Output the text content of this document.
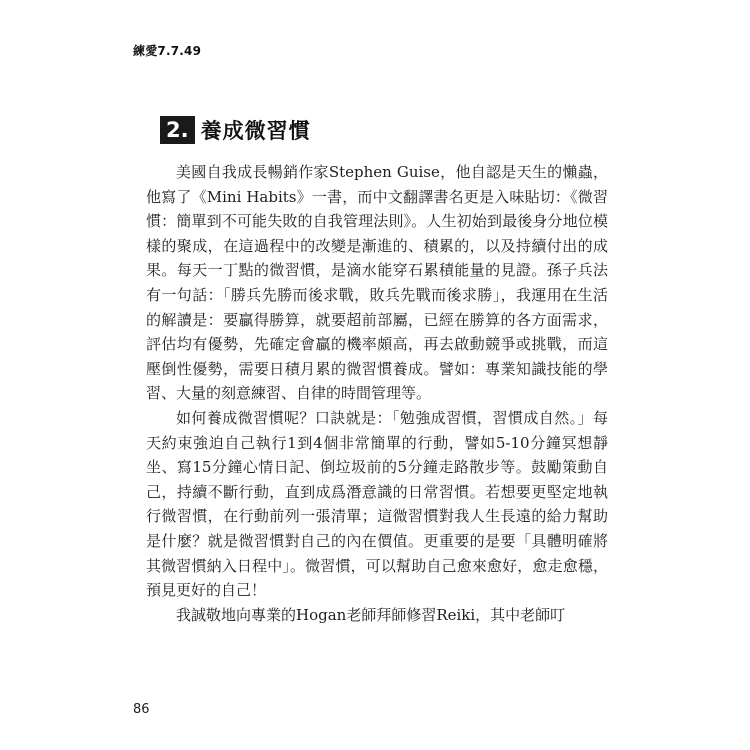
練愛7.7.49
2. 養成微習慣

美國自我成長暢銷作家Stephen Guise，他自認是天生的懶蟲，他寫了《Mini Habits》一書，而中文翻譯書名更是入味貼切：《微習慣：簡單到不可能失敗的自我管理法則》。人生初始到最後身分地位模樣的聚成，在這過程中的改變是漸進的、積累的，以及持續付出的成果。每天一丁點的微習慣，是滴水能穿石累積能量的見證。孫子兵法有一句話：「勝兵先勝而後求戰，敗兵先戰而後求勝」，我運用在生活的解讀是：要贏得勝算，就要超前部屬，已經在勝算的各方面需求，評估均有優勢，先確定會贏的機率頗高，再去啟動競爭或挑戰，而這壓倒性優勢，需要日積月累的微習慣養成。譬如：專業知識技能的學習、大量的刻意練習、自律的時間管理等。

如何養成微習慣呢？口訣就是：「勉強成習慣，習慣成自然。」每天約束強迫自己執行1到4個非常簡單的行動，譬如5-10分鐘冥想靜坐、寫15分鐘心情日記、倒垃圾前的5分鐘走路散步等。鼓勵策動自己，持續不斷行動，直到成爲潛意識的日常習慣。若想要更堅定地執行微習慣，在行動前列一張清單；這微習慣對我人生長遠的給力幫助是什麼？就是微習慣對自己的內在價值。更重要的是要「具體明確將其微習慣納入日程中」。微習慣，可以幫助自己愈來愈好，愈走愈穩，預見更好的自己！

我誠敬地向專業的Hogan老師拜師修習Reiki，其中老師叮

86
